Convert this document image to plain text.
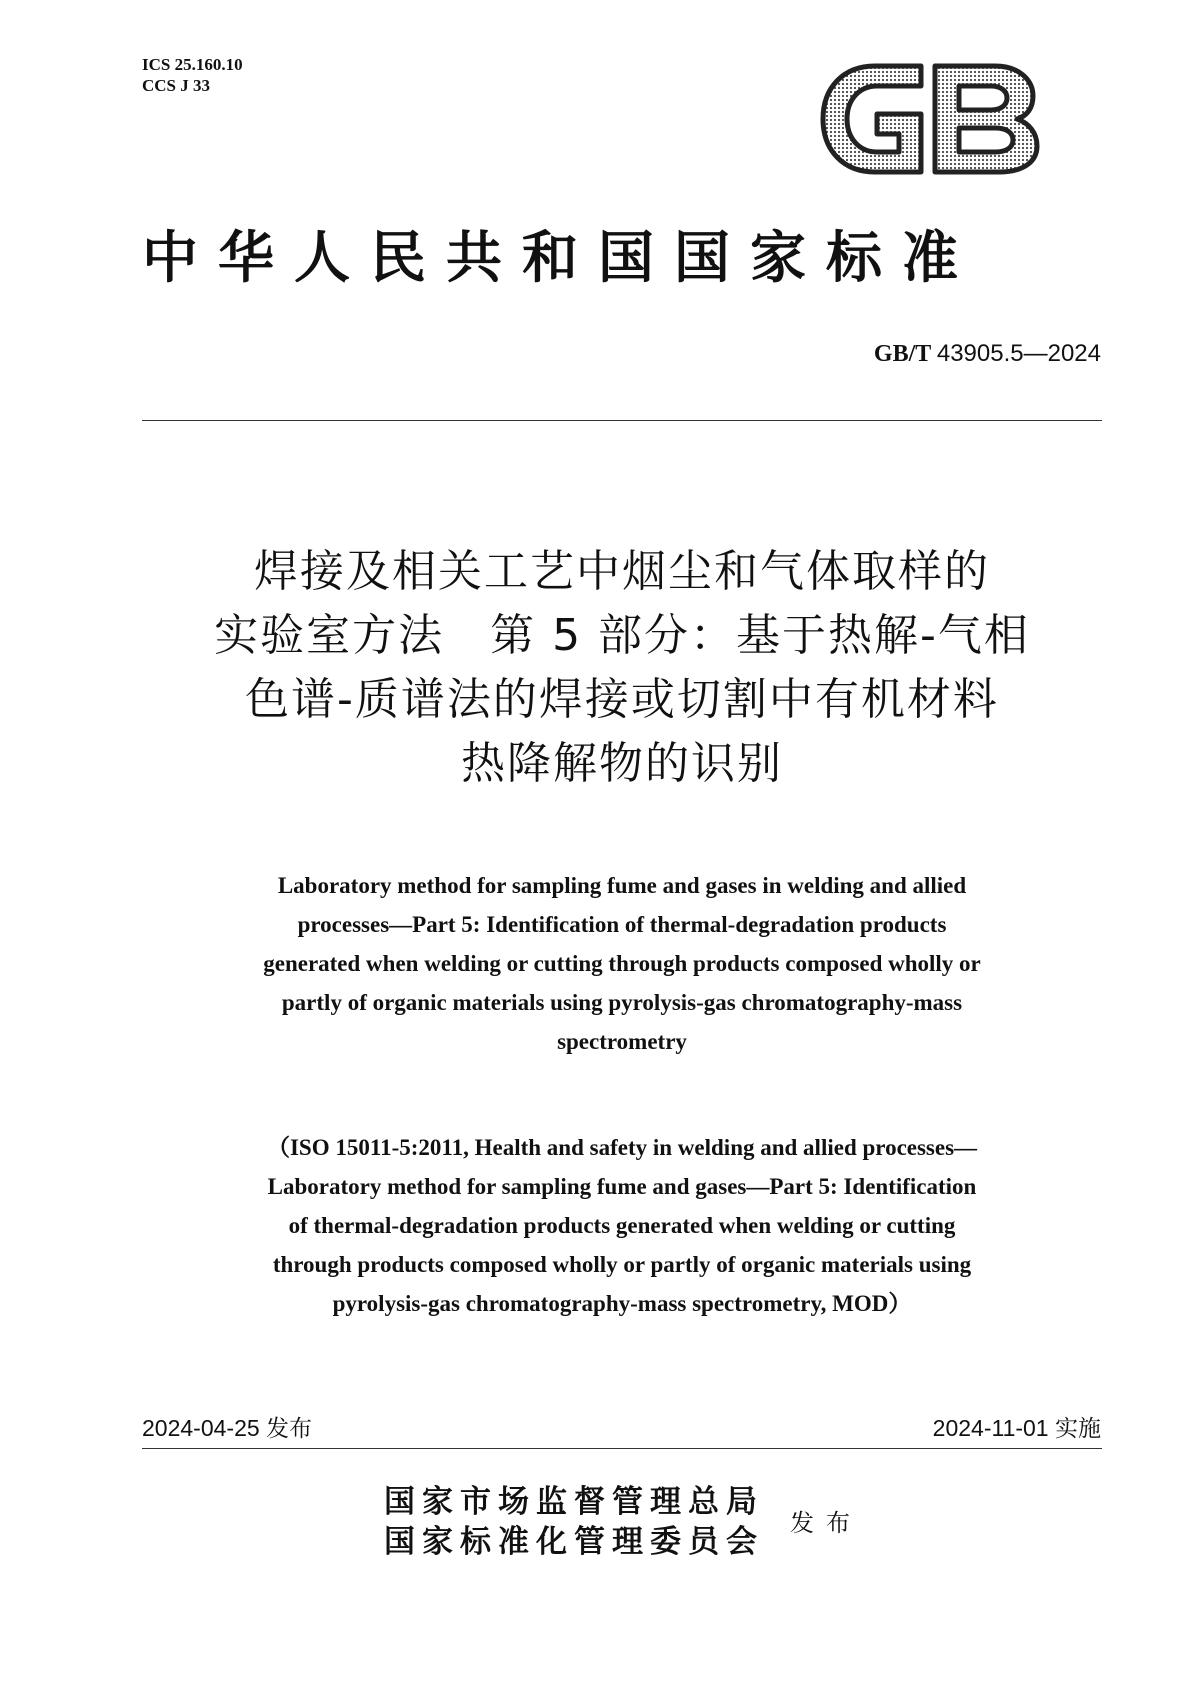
ICS 25.160.10
CCS J 33
中华人民共和国国家标准
GB/T 43905.5—2024
焊接及相关工艺中烟尘和气体取样的
实验室方法　第 5 部分：基于热解-气相
色谱-质谱法的焊接或切割中有机材料
热降解物的识别
Laboratory method for sampling fume and gases in welding and allied
processes—Part 5: Identification of thermal-degradation products
generated when welding or cutting through products composed wholly or
partly of organic materials using pyrolysis-gas chromatography-mass
spectrometry
（ISO 15011-5:2011, Health and safety in welding and allied processes—
Laboratory method for sampling fume and gases—Part 5: Identification
of thermal-degradation products generated when welding or cutting
through products composed wholly or partly of organic materials using
pyrolysis-gas chromatography-mass spectrometry, MOD）
2024-04-25 发布	2024-11-01 实施
国家市场监督管理总局
国家标准化管理委员会
发布
